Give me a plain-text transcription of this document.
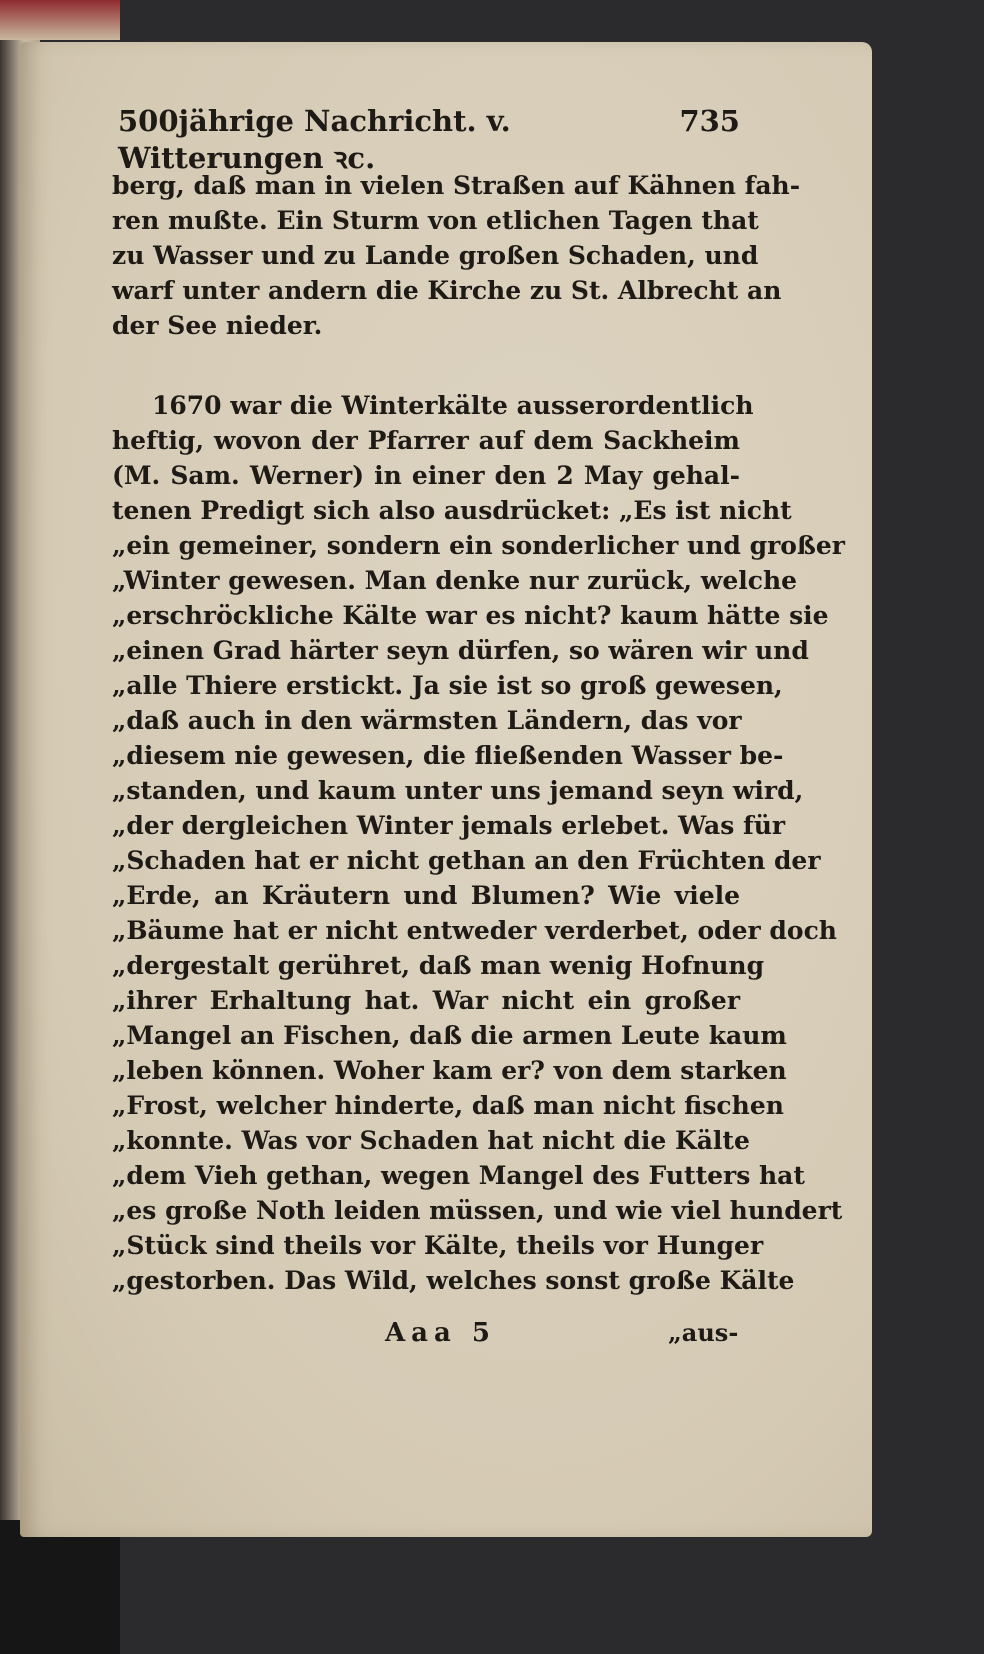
500jährige Nachricht. v. Witterungen ꝛc.
735
berg, daß man in vielen Straßen auf Kähnen fah-
ren mußte. Ein Sturm von etlichen Tagen that
zu Wasser und zu Lande großen Schaden, und
warf unter andern die Kirche zu St. Albrecht an
der See nieder.
1670 war die Winterkälte ausserordentlich
heftig, wovon der Pfarrer auf dem Sackheim
(M. Sam. Werner) in einer den 2 May gehal-
tenen Predigt sich also ausdrücket: „Es ist nicht
„ein gemeiner, sondern ein sonderlicher und großer
„Winter gewesen. Man denke nur zurück, welche
„erschröckliche Kälte war es nicht? kaum hätte sie
„einen Grad härter seyn dürfen, so wären wir und
„alle Thiere erstickt. Ja sie ist so groß gewesen,
„daß auch in den wärmsten Ländern, das vor
„diesem nie gewesen, die fließenden Wasser be-
„standen, und kaum unter uns jemand seyn wird,
„der dergleichen Winter jemals erlebet. Was für
„Schaden hat er nicht gethan an den Früchten der
„Erde, an Kräutern und Blumen? Wie viele
„Bäume hat er nicht entweder verderbet, oder doch
„dergestalt gerühret, daß man wenig Hofnung
„ihrer Erhaltung hat. War nicht ein großer
„Mangel an Fischen, daß die armen Leute kaum
„leben können. Woher kam er? von dem starken
„Frost, welcher hinderte, daß man nicht fischen
„konnte. Was vor Schaden hat nicht die Kälte
„dem Vieh gethan, wegen Mangel des Futters hat
„es große Noth leiden müssen, und wie viel hundert
„Stück sind theils vor Kälte, theils vor Hunger
„gestorben. Das Wild, welches sonst große Kälte
Aaa 5	„aus-
